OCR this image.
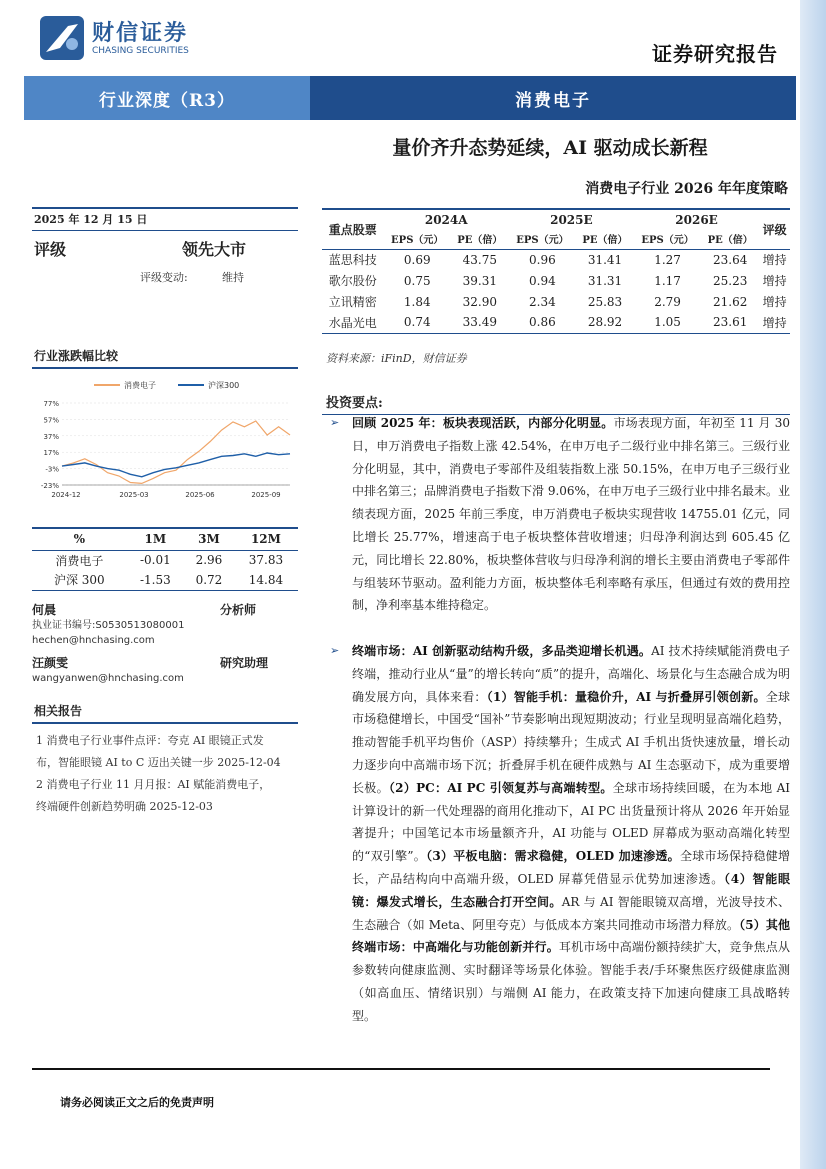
财信证券
CHASING SECURITIES	证券研究报告
行业深度（R3）	消费电子
量价齐升态势延续，AI 驱动成长新程
消费电子行业 2026 年年度策略
2025 年 12 月 15 日
评级	领先大市
评级变动:	维持
行业涨跌幅比较
消费电子	沪深300
77%
57%
37%
17%
-3%
-23%
2024-12	2025-03	2025-06	2025-09
%	1M	3M	12M
消费电子	-0.01	2.96	37.83
沪深 300	-1.53	0.72	14.84
何晨	分析师
执业证书编号:S0530513080001
hechen@hnchasing.com
汪颜雯	研究助理
wangyanwen@hnchasing.com
相关报告
1 消费电子行业事件点评：夸克 AI 眼镜正式发
布，智能眼镜 AI to C 迈出关键一步 2025-12-04
2 消费电子行业 11 月月报：AI 赋能消费电子，
终端硬件创新趋势明确 2025-12-03
重点股票	2024A		2025E		2026E		评级
	EPS（元）	PE（倍）	EPS（元）	PE（倍）	EPS（元）	PE（倍）	
蓝思科技	0.69	43.75	0.96	31.41	1.27	23.64	增持
歌尔股份	0.75	39.31	0.94	31.31	1.17	25.23	增持
立讯精密	1.84	32.90	2.34	25.83	2.79	21.62	增持
水晶光电	0.74	33.49	0.86	28.92	1.05	23.61	增持
资料来源：iFinD，财信证券
投资要点:
➢	回顾 2025 年：板块表现活跃，内部分化明显。市场表现方面，年初至 11 月 30 日，申万消费电子指数上涨 42.54%，在申万电子二级行业中排名第三。三级行业分化明显，其中，消费电子零部件及组装指数上涨 50.15%，在申万电子三级行业中排名第三；品牌消费电子指数下滑 9.06%，在申万电子三级行业中排名最末。业绩表现方面，2025 年前三季度，申万消费电子板块实现营收 14755.01 亿元，同比增长 25.77%，增速高于电子板块整体营收增速；归母净利润达到 605.45 亿元，同比增长 22.80%，板块整体营收与归母净利润的增长主要由消费电子零部件与组装环节驱动。盈利能力方面，板块整体毛利率略有承压，但通过有效的费用控制，净利率基本维持稳定。
➢	终端市场：AI 创新驱动结构升级，多品类迎增长机遇。AI 技术持续赋能消费电子终端，推动行业从“量”的增长转向“质”的提升，高端化、场景化与生态融合成为明确发展方向，具体来看：（1）智能手机：量稳价升，AI 与折叠屏引领创新。全球市场稳健增长，中国受“国补”节奏影响出现短期波动；行业呈现明显高端化趋势，推动智能手机平均售价（ASP）持续攀升；生成式 AI 手机出货快速放量，增长动力逐步向中高端市场下沉；折叠屏手机在硬件成熟与 AI 生态驱动下，成为重要增长极。（2）PC：AI PC 引领复苏与高端转型。全球市场持续回暖，在为本地 AI 计算设计的新一代处理器的商用化推动下，AI PC 出货量预计将从 2026 年开始显著提升；中国笔记本市场量额齐升，AI 功能与 OLED 屏幕成为驱动高端化转型的“双引擎”。（3）平板电脑：需求稳健，OLED 加速渗透。全球市场保持稳健增长，产品结构向中高端升级，OLED 屏幕凭借显示优势加速渗透。（4）智能眼镜：爆发式增长，生态融合打开空间。AR 与 AI 智能眼镜双高增，光波导技术、生态融合（如 Meta、阿里夸克）与低成本方案共同推动市场潜力释放。（5）其他终端市场：中高端化与功能创新并行。耳机市场中高端份额持续扩大，竞争焦点从参数转向健康监测、实时翻译等场景化体验。智能手表/手环聚焦医疗级健康监测（如高血压、情绪识别）与端侧 AI 能力，在政策支持下加速向健康工具战略转型。
请务必阅读正文之后的免责声明
